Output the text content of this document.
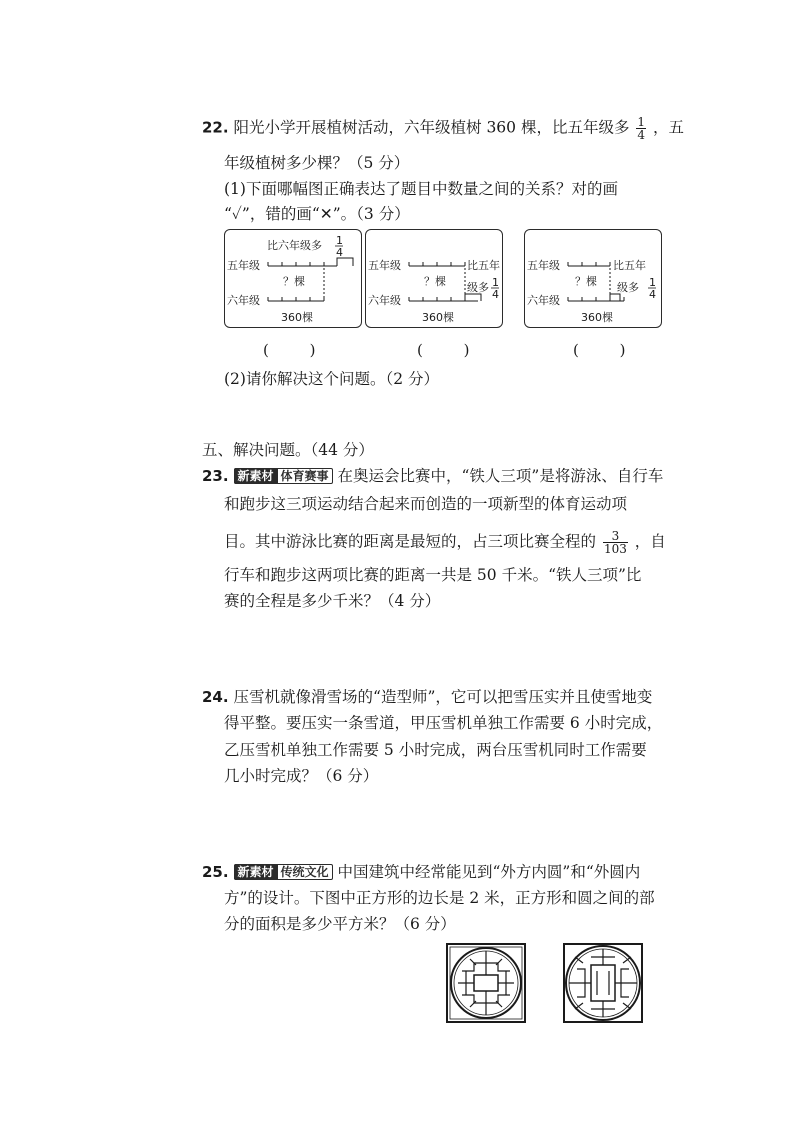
22. 阳光小学开展植树活动，六年级植树 360 棵，比五年级多 $\frac{1}{4}$ ，五
年级植树多少棵？（5 分）
(1)下面哪幅图正确表达了题目中数量之间的关系？对的画
“✓”，错的画“✕”。（3 分）
比六年级多 1
4
五年级
？棵
六年级
360棵
五年级	比五年
？棵 级多 1
4
六年级
360棵
五年级	比五年
？棵 级多 1
4
六年级
360棵
( )	( )	( )
(2)请你解决这个问题。（2 分）
五、解决问题。（44 分）
23. 新素材 体育赛事 在奥运会比赛中，“铁人三项”是将游泳、自行车
和跑步这三项运动结合起来而创造的一项新型的体育运动项
目。其中游泳比赛的距离是最短的，占三项比赛全程的 $\frac{3}{103}$ ，自
行车和跑步这两项比赛的距离一共是 50 千米。“铁人三项”比
赛的全程是多少千米？（4 分）
24. 压雪机就像滑雪场的“造型师”，它可以把雪压实并且使雪地变
得平整。要压实一条雪道，甲压雪机单独工作需要 6 小时完成，
乙压雪机单独工作需要 5 小时完成，两台压雪机同时工作需要
几小时完成？（6 分）
25. 新素材 传统文化 中国建筑中经常能见到“外方内圆”和“外圆内
方”的设计。下图中正方形的边长是 2 米，正方形和圆之间的部
分的面积是多少平方米？（6 分）
